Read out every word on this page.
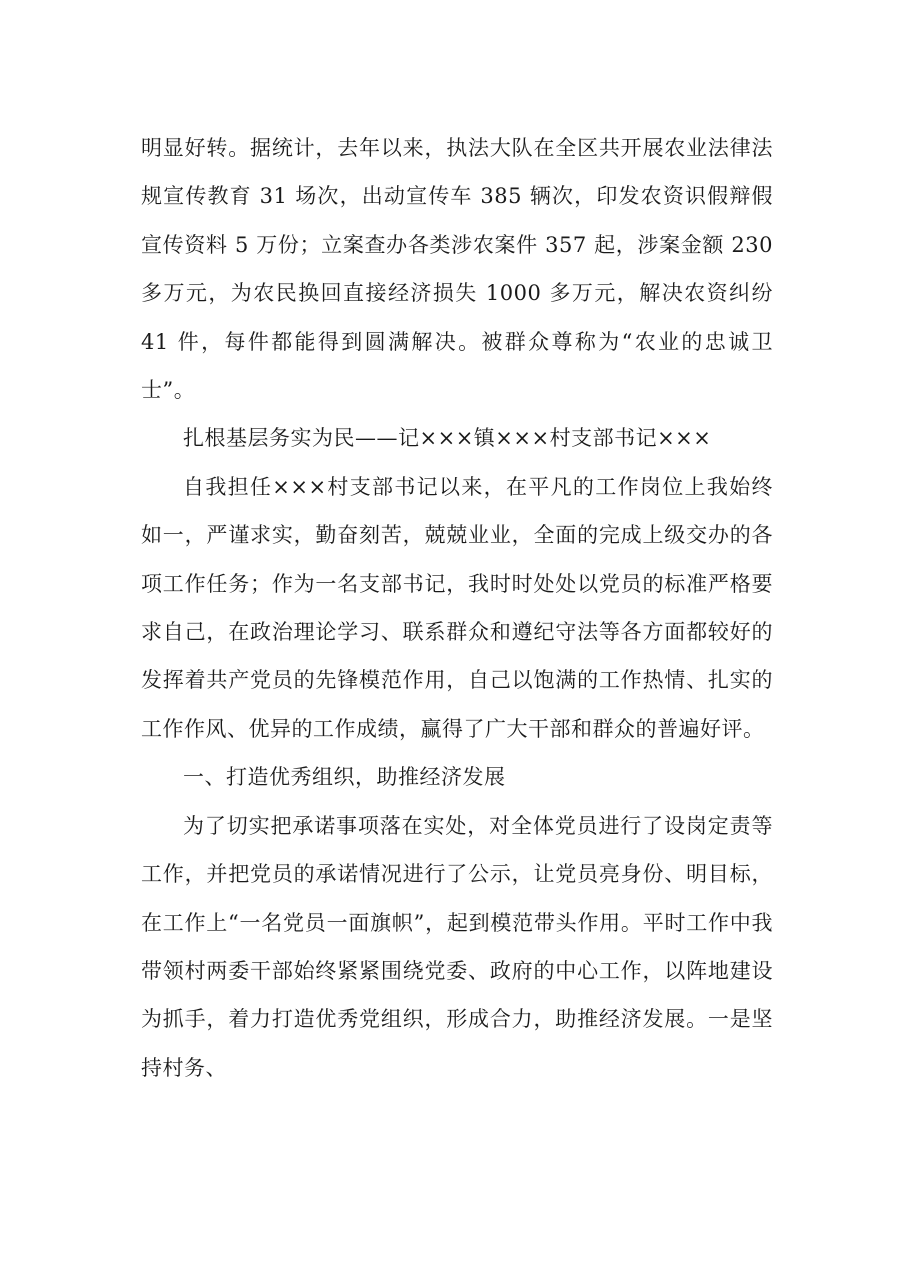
明显好转。据统计，去年以来，执法大队在全区共开展农业法律法规宣传教育 31 场次，出动宣传车 385 辆次，印发农资识假辩假宣传资料 5 万份；立案查办各类涉农案件 357 起，涉案金额 230 多万元，为农民换回直接经济损失 1000 多万元，解决农资纠纷 41 件，每件都能得到圆满解决。被群众尊称为“农业的忠诚卫士”。

扎根基层务实为民——记×××镇×××村支部书记×××

自我担任×××村支部书记以来，在平凡的工作岗位上我始终如一，严谨求实，勤奋刻苦，兢兢业业，全面的完成上级交办的各项工作任务；作为一名支部书记，我时时处处以党员的标准严格要求自己，在政治理论学习、联系群众和遵纪守法等各方面都较好的发挥着共产党员的先锋模范作用，自己以饱满的工作热情、扎实的工作作风、优异的工作成绩，赢得了广大干部和群众的普遍好评。

一、打造优秀组织，助推经济发展

为了切实把承诺事项落在实处，对全体党员进行了设岗定责等工作，并把党员的承诺情况进行了公示，让党员亮身份、明目标，在工作上“一名党员一面旗帜”，起到模范带头作用。平时工作中我带领村两委干部始终紧紧围绕党委、政府的中心工作，以阵地建设为抓手，着力打造优秀党组织，形成合力，助推经济发展。一是坚持村务、
